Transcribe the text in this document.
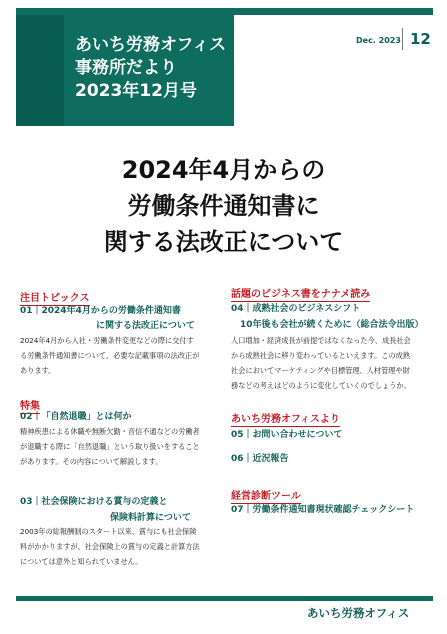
あいち労務オフィス
事務所だより
2023年12月号
Dec. 2023 12
2024年4月からの
労働条件通知書に
関する法改正について
注目トピックス
01｜2024年4月からの労働条件通知書
に関する法改正について
2024年4月から入社・労働条件変更などの際に交付す
る労働条件通知書について、必要な記載事項の法改正が
あります。
特集
02｜「自然退職」とは何か
精神疾患による休職や無断欠勤・音信不通などの労働者
が退職する際に「自然退職」という取り扱いをすること
があります。その内容について解説します。
03｜社会保険における賞与の定義と
保険料計算について
2003年の総報酬制のスタート以来、賞与にも社会保険
料がかかりますが、社会保険上の賞与の定義と計算方法
については意外と知られていません。
話題のビジネス書をナナメ読み
04｜成熟社会のビジネスシフト
10年後も会社が続くために（総合法令出版）
人口増加・経済成長が前提ではなくなった今、成長社会
から成熟社会に移り変わっているといえます。この成熟
社会においてマーケティングや目標管理、人材管理や財
務などの考えはどのように変化していくのでしょうか。
あいち労務オフィスより
05｜お問い合わせについて
06｜近況報告
経営診断ツール
07｜労働条件通知書現状確認チェックシート
あいち労務オフィス
